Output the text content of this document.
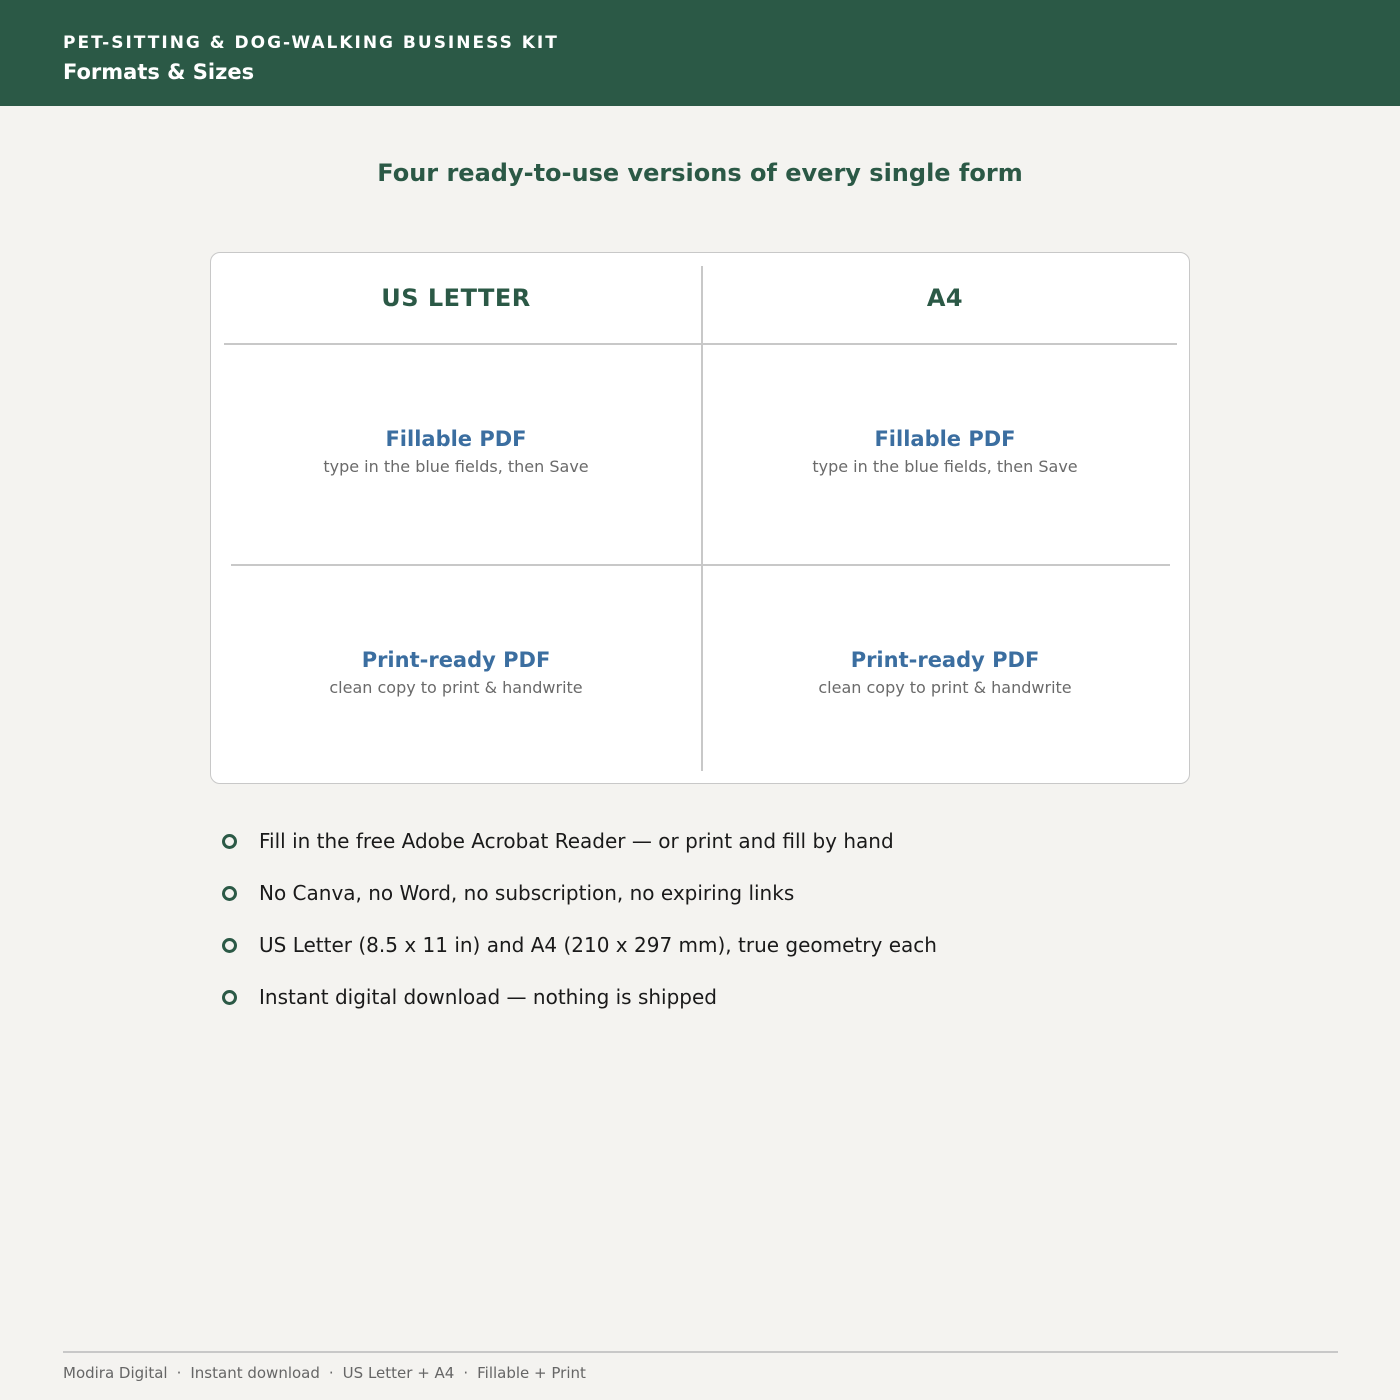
PET-SITTING & DOG-WALKING BUSINESS KIT
Formats & Sizes
Four ready-to-use versions of every single form
US LETTER	A4
Fillable PDF
type in the blue fields, then Save
Fillable PDF
type in the blue fields, then Save
Print-ready PDF
clean copy to print & handwrite
Print-ready PDF
clean copy to print & handwrite
Fill in the free Adobe Acrobat Reader — or print and fill by hand
No Canva, no Word, no subscription, no expiring links
US Letter (8.5 x 11 in) and A4 (210 x 297 mm), true geometry each
Instant digital download — nothing is shipped
Modira Digital · Instant download · US Letter + A4 · Fillable + Print
